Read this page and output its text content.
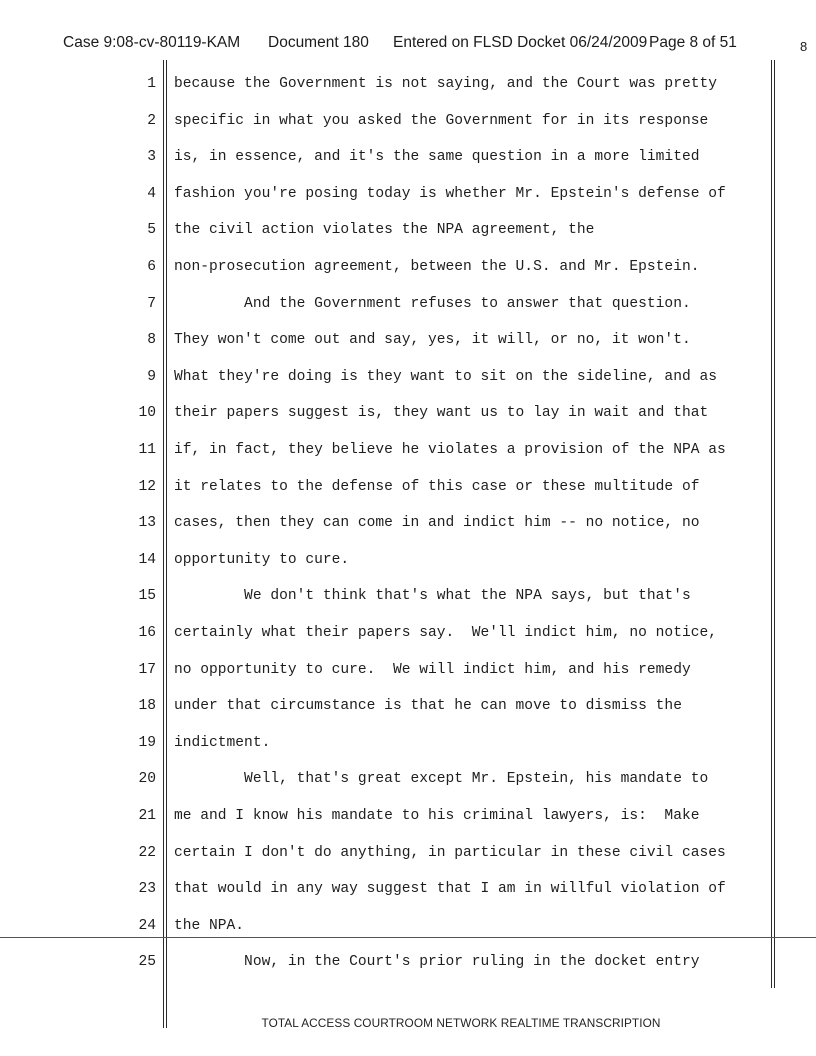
Case 9:08-cv-80119-KAM Document 180 Entered on FLSD Docket 06/24/2009 Page 8 of 51	8
1 because the Government is not saying, and the Court was pretty
2 specific in what you asked the Government for in its response
3 is, in essence, and it's the same question in a more limited
4 fashion you're posing today is whether Mr. Epstein's defense of
5 the civil action violates the NPA agreement, the
6 non-prosecution agreement, between the U.S. and Mr. Epstein.
7 And the Government refuses to answer that question.
8 They won't come out and say, yes, it will, or no, it won't.
9 What they're doing is they want to sit on the sideline, and as
10 their papers suggest is, they want us to lay in wait and that
11 if, in fact, they believe he violates a provision of the NPA as
12 it relates to the defense of this case or these multitude of
13 cases, then they can come in and indict him -- no notice, no
14 opportunity to cure.
15 We don't think that's what the NPA says, but that's
16 certainly what their papers say.  We'll indict him, no notice,
17 no opportunity to cure.  We will indict him, and his remedy
18 under that circumstance is that he can move to dismiss the
19 indictment.
20 Well, that's great except Mr. Epstein, his mandate to
21 me and I know his mandate to his criminal lawyers, is:  Make
22 certain I don't do anything, in particular in these civil cases
23 that would in any way suggest that I am in willful violation of
24 the NPA.
25 Now, in the Court's prior ruling in the docket entry
TOTAL ACCESS COURTROOM NETWORK REALTIME TRANSCRIPTION
